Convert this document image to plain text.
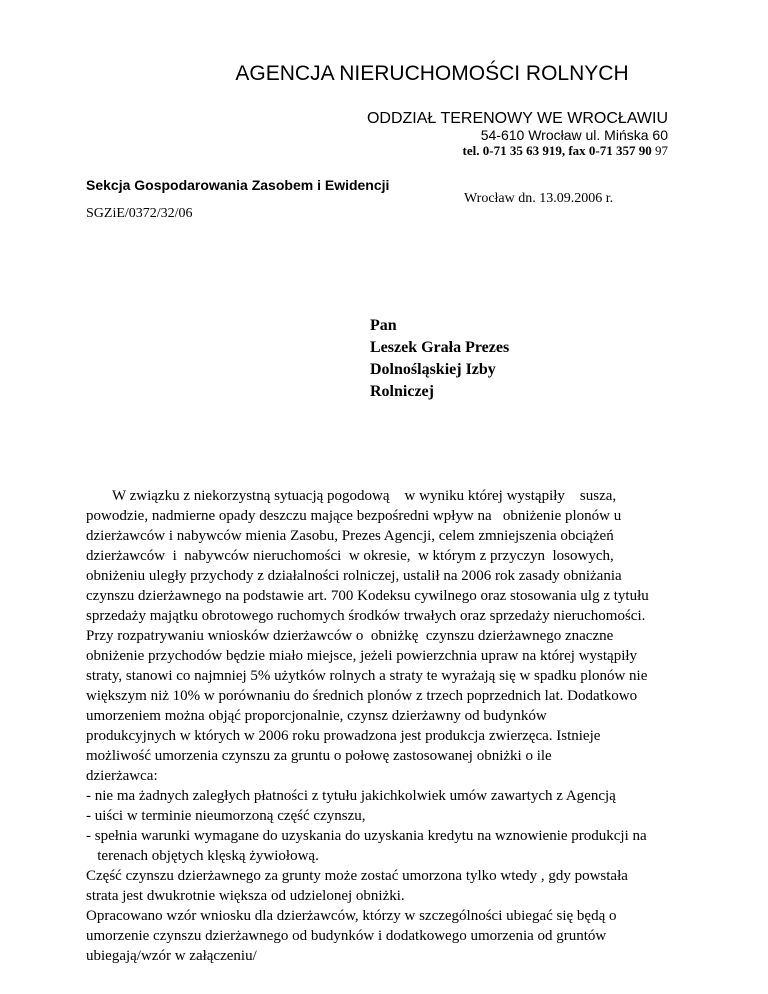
AGENCJA NIERUCHOMOŚCI ROLNYCH
ODDZIAŁ TERENOWY WE WROCŁAWIU
54-610 Wrocław ul. Mińska 60
tel. 0-71 35 63 919, fax 0-71 357 90 97
Sekcja Gospodarowania Zasobem i Ewidencji
Wrocław dn. 13.09.2006 r.
SGZiE/0372/32/06
Pan
Leszek Grała Prezes
Dolnośląskiej Izby
Rolniczej
W związku z niekorzystną sytuacją pogodową    w wyniku której wystąpiły    susza,
powodzie, nadmierne opady deszczu mające bezpośredni wpływ na   obniżenie plonów u
dzierżawców i nabywców mienia Zasobu, Prezes Agencji, celem zmniejszenia obciążeń
dzierżawców  i  nabywców nieruchomości  w okresie,  w którym z przyczyn  losowych,
obniżeniu uległy przychody z działalności rolniczej, ustalił na 2006 rok zasady obniżania
czynszu dzierżawnego na podstawie art. 700 Kodeksu cywilnego oraz stosowania ulg z tytułu
sprzedaży majątku obrotowego ruchomych środków trwałych oraz sprzedaży nieruchomości.
Przy rozpatrywaniu wniosków dzierżawców o  obniżkę  czynszu dzierżawnego znaczne
obniżenie przychodów będzie miało miejsce, jeżeli powierzchnia upraw na której wystąpiły
straty, stanowi co najmniej 5% użytków rolnych a straty te wyrażają się w spadku plonów nie
większym niż 10% w porównaniu do średnich plonów z trzech poprzednich lat. Dodatkowo
umorzeniem można objąć proporcjonalnie, czynsz dzierżawny od budynków
produkcyjnych w których w 2006 roku prowadzona jest produkcja zwierzęca. Istnieje
możliwość umorzenia czynszu za gruntu o połowę zastosowanej obniżki o ile
dzierżawca:
- nie ma żadnych zaległych płatności z tytułu jakichkolwiek umów zawartych z Agencją
- uiści w terminie nieumorzoną część czynszu,
- spełnia warunki wymagane do uzyskania do uzyskania kredytu na wznowienie produkcji na
terenach objętych klęską żywiołową.
Część czynszu dzierżawnego za grunty może zostać umorzona tylko wtedy , gdy powstała
strata jest dwukrotnie większa od udzielonej obniżki.
Opracowano wzór wniosku dla dzierżawców, którzy w szczególności ubiegać się będą o
umorzenie czynszu dzierżawnego od budynków i dodatkowego umorzenia od gruntów
ubiegają/wzór w załączeniu/
